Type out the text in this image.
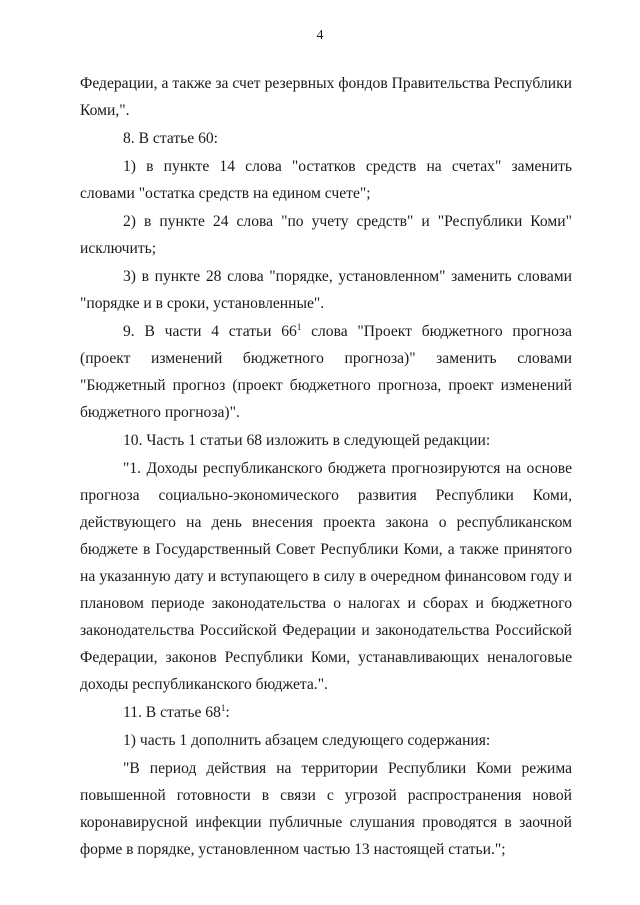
4

Федерации, а также за счет резервных фондов Правительства Республики Коми,".

8. В статье 60:

1) в пункте 14 слова "остатков средств на счетах" заменить словами "остатка средств на едином счете";

2) в пункте 24 слова "по учету средств" и "Республики Коми" исключить;

3) в пункте 28 слова "порядке, установленном" заменить словами "порядке и в сроки, установленные".

9. В части 4 статьи $66^1$ слова "Проект бюджетного прогноза (проект изменений бюджетного прогноза)" заменить словами "Бюджетный прогноз (проект бюджетного прогноза, проект изменений бюджетного прогноза)".

10. Часть 1 статьи 68 изложить в следующей редакции:

"1. Доходы республиканского бюджета прогнозируются на основе прогноза социально-экономического развития Республики Коми, действующего на день внесения проекта закона о республиканском бюджете в Государственный Совет Республики Коми, а также принятого на указанную дату и вступающего в силу в очередном финансовом году и плановом периоде законодательства о налогах и сборах и бюджетного законодательства Российской Федерации и законодательства Российской Федерации, законов Республики Коми, устанавливающих неналоговые доходы республиканского бюджета.".

11. В статье $68^1$:

1) часть 1 дополнить абзацем следующего содержания:

"В период действия на территории Республики Коми режима повышенной готовности в связи с угрозой распространения новой коронавирусной инфекции публичные слушания проводятся в заочной форме в порядке, установленном частью 13 настоящей статьи.";
